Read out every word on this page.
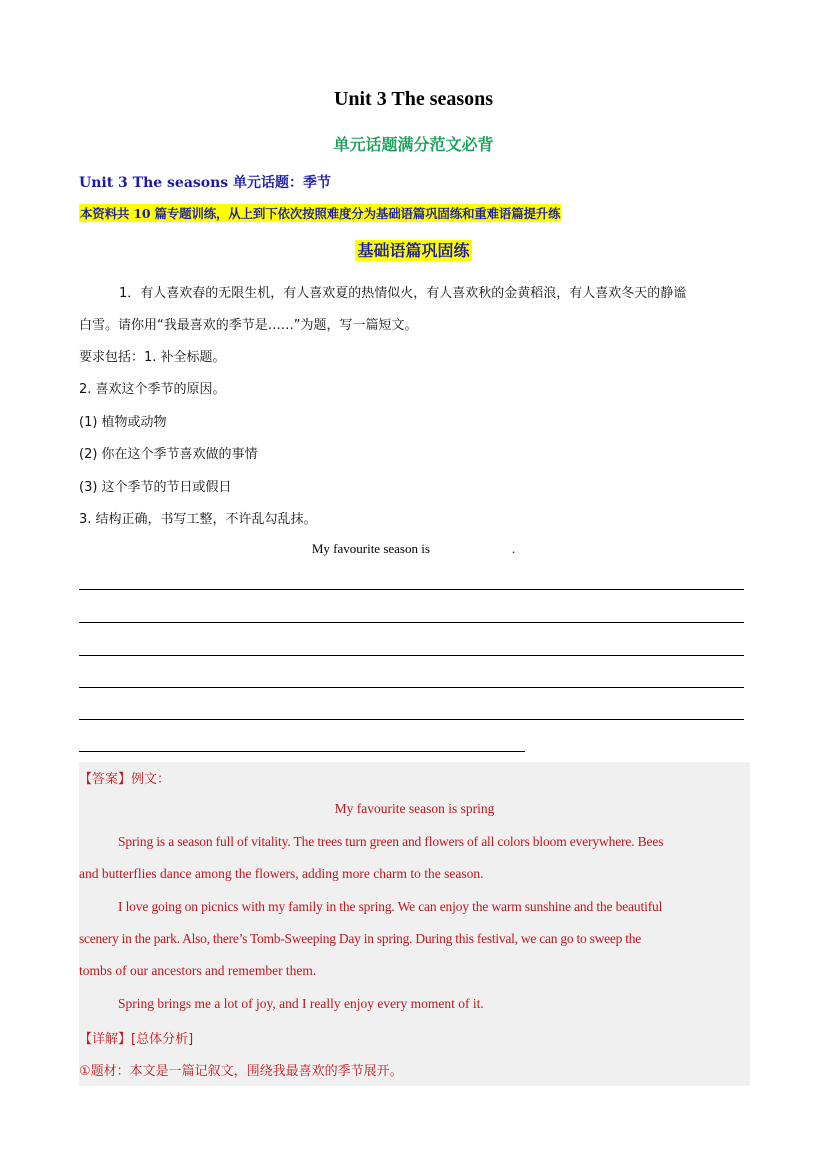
Unit 3 The seasons
单元话题满分范文必背
Unit 3 The seasons 单元话题：季节
本资料共 10 篇专题训练，从上到下依次按照难度分为基础语篇巩固练和重难语篇提升练
基础语篇巩固练
1．有人喜欢春的无限生机，有人喜欢夏的热情似火，有人喜欢秋的金黄稻浪，有人喜欢冬天的静谧
白雪。请你用“我最喜欢的季节是……”为题，写一篇短文。
要求包括：1. 补全标题。
2. 喜欢这个季节的原因。
(1) 植物或动物
(2) 你在这个季节喜欢做的事情
(3) 这个季节的节日或假日
3. 结构正确，书写工整，不许乱勾乱抹。
My favourite season is	.
【答案】例文：
My favourite season is spring
Spring is a season full of vitality. The trees turn green and flowers of all colors bloom everywhere. Bees
and butterflies dance among the flowers, adding more charm to the season.
I love going on picnics with my family in the spring. We can enjoy the warm sunshine and the beautiful
scenery in the park. Also, there’s Tomb-Sweeping Day in spring. During this festival, we can go to sweep the
tombs of our ancestors and remember them.
Spring brings me a lot of joy, and I really enjoy every moment of it.
【详解】[总体分析]
①题材：本文是一篇记叙文，围绕我最喜欢的季节展开。
